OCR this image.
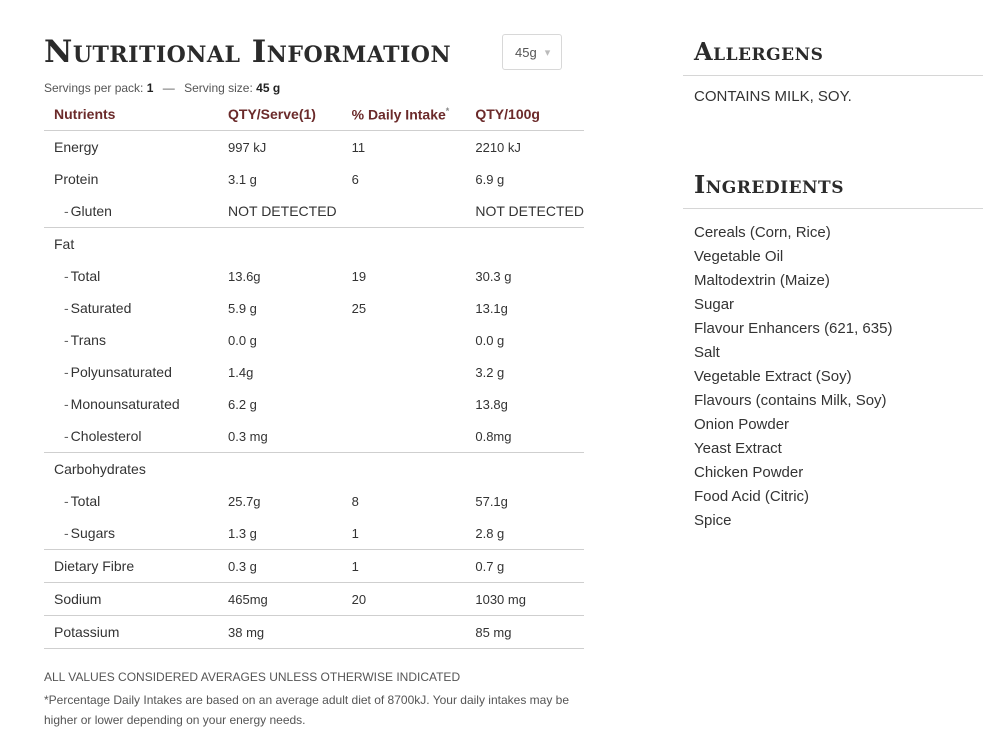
Nutritional Information	45g ▾
Servings per pack: 1 — Serving size: 45 g
Nutrients	QTY/Serve(1)	% Daily Intake*	QTY/100g
Energy	997 kJ	11	2210 kJ
Protein	3.1 g	6	6.9 g
- Gluten	NOT DETECTED		NOT DETECTED
Fat			
- Total	13.6g	19	30.3 g
- Saturated	5.9 g	25	13.1g
- Trans	0.0 g		0.0 g
- Polyunsaturated	1.4g		3.2 g
- Monounsaturated	6.2 g		13.8g
- Cholesterol	0.3 mg		0.8mg
Carbohydrates			
- Total	25.7g	8	57.1g
- Sugars	1.3 g	1	2.8 g
Dietary Fibre	0.3 g	1	0.7 g
Sodium	465mg	20	1030 mg
Potassium	38 mg		85 mg
ALL VALUES CONSIDERED AVERAGES UNLESS OTHERWISE INDICATED
*Percentage Daily Intakes are based on an average adult diet of 8700kJ. Your daily intakes may be higher or lower depending on your energy needs.
Allergens
CONTAINS MILK, SOY.
Ingredients
Cereals (Corn, Rice)
Vegetable Oil
Maltodextrin (Maize)
Sugar
Flavour Enhancers (621, 635)
Salt
Vegetable Extract (Soy)
Flavours (contains Milk, Soy)
Onion Powder
Yeast Extract
Chicken Powder
Food Acid (Citric)
Spice
